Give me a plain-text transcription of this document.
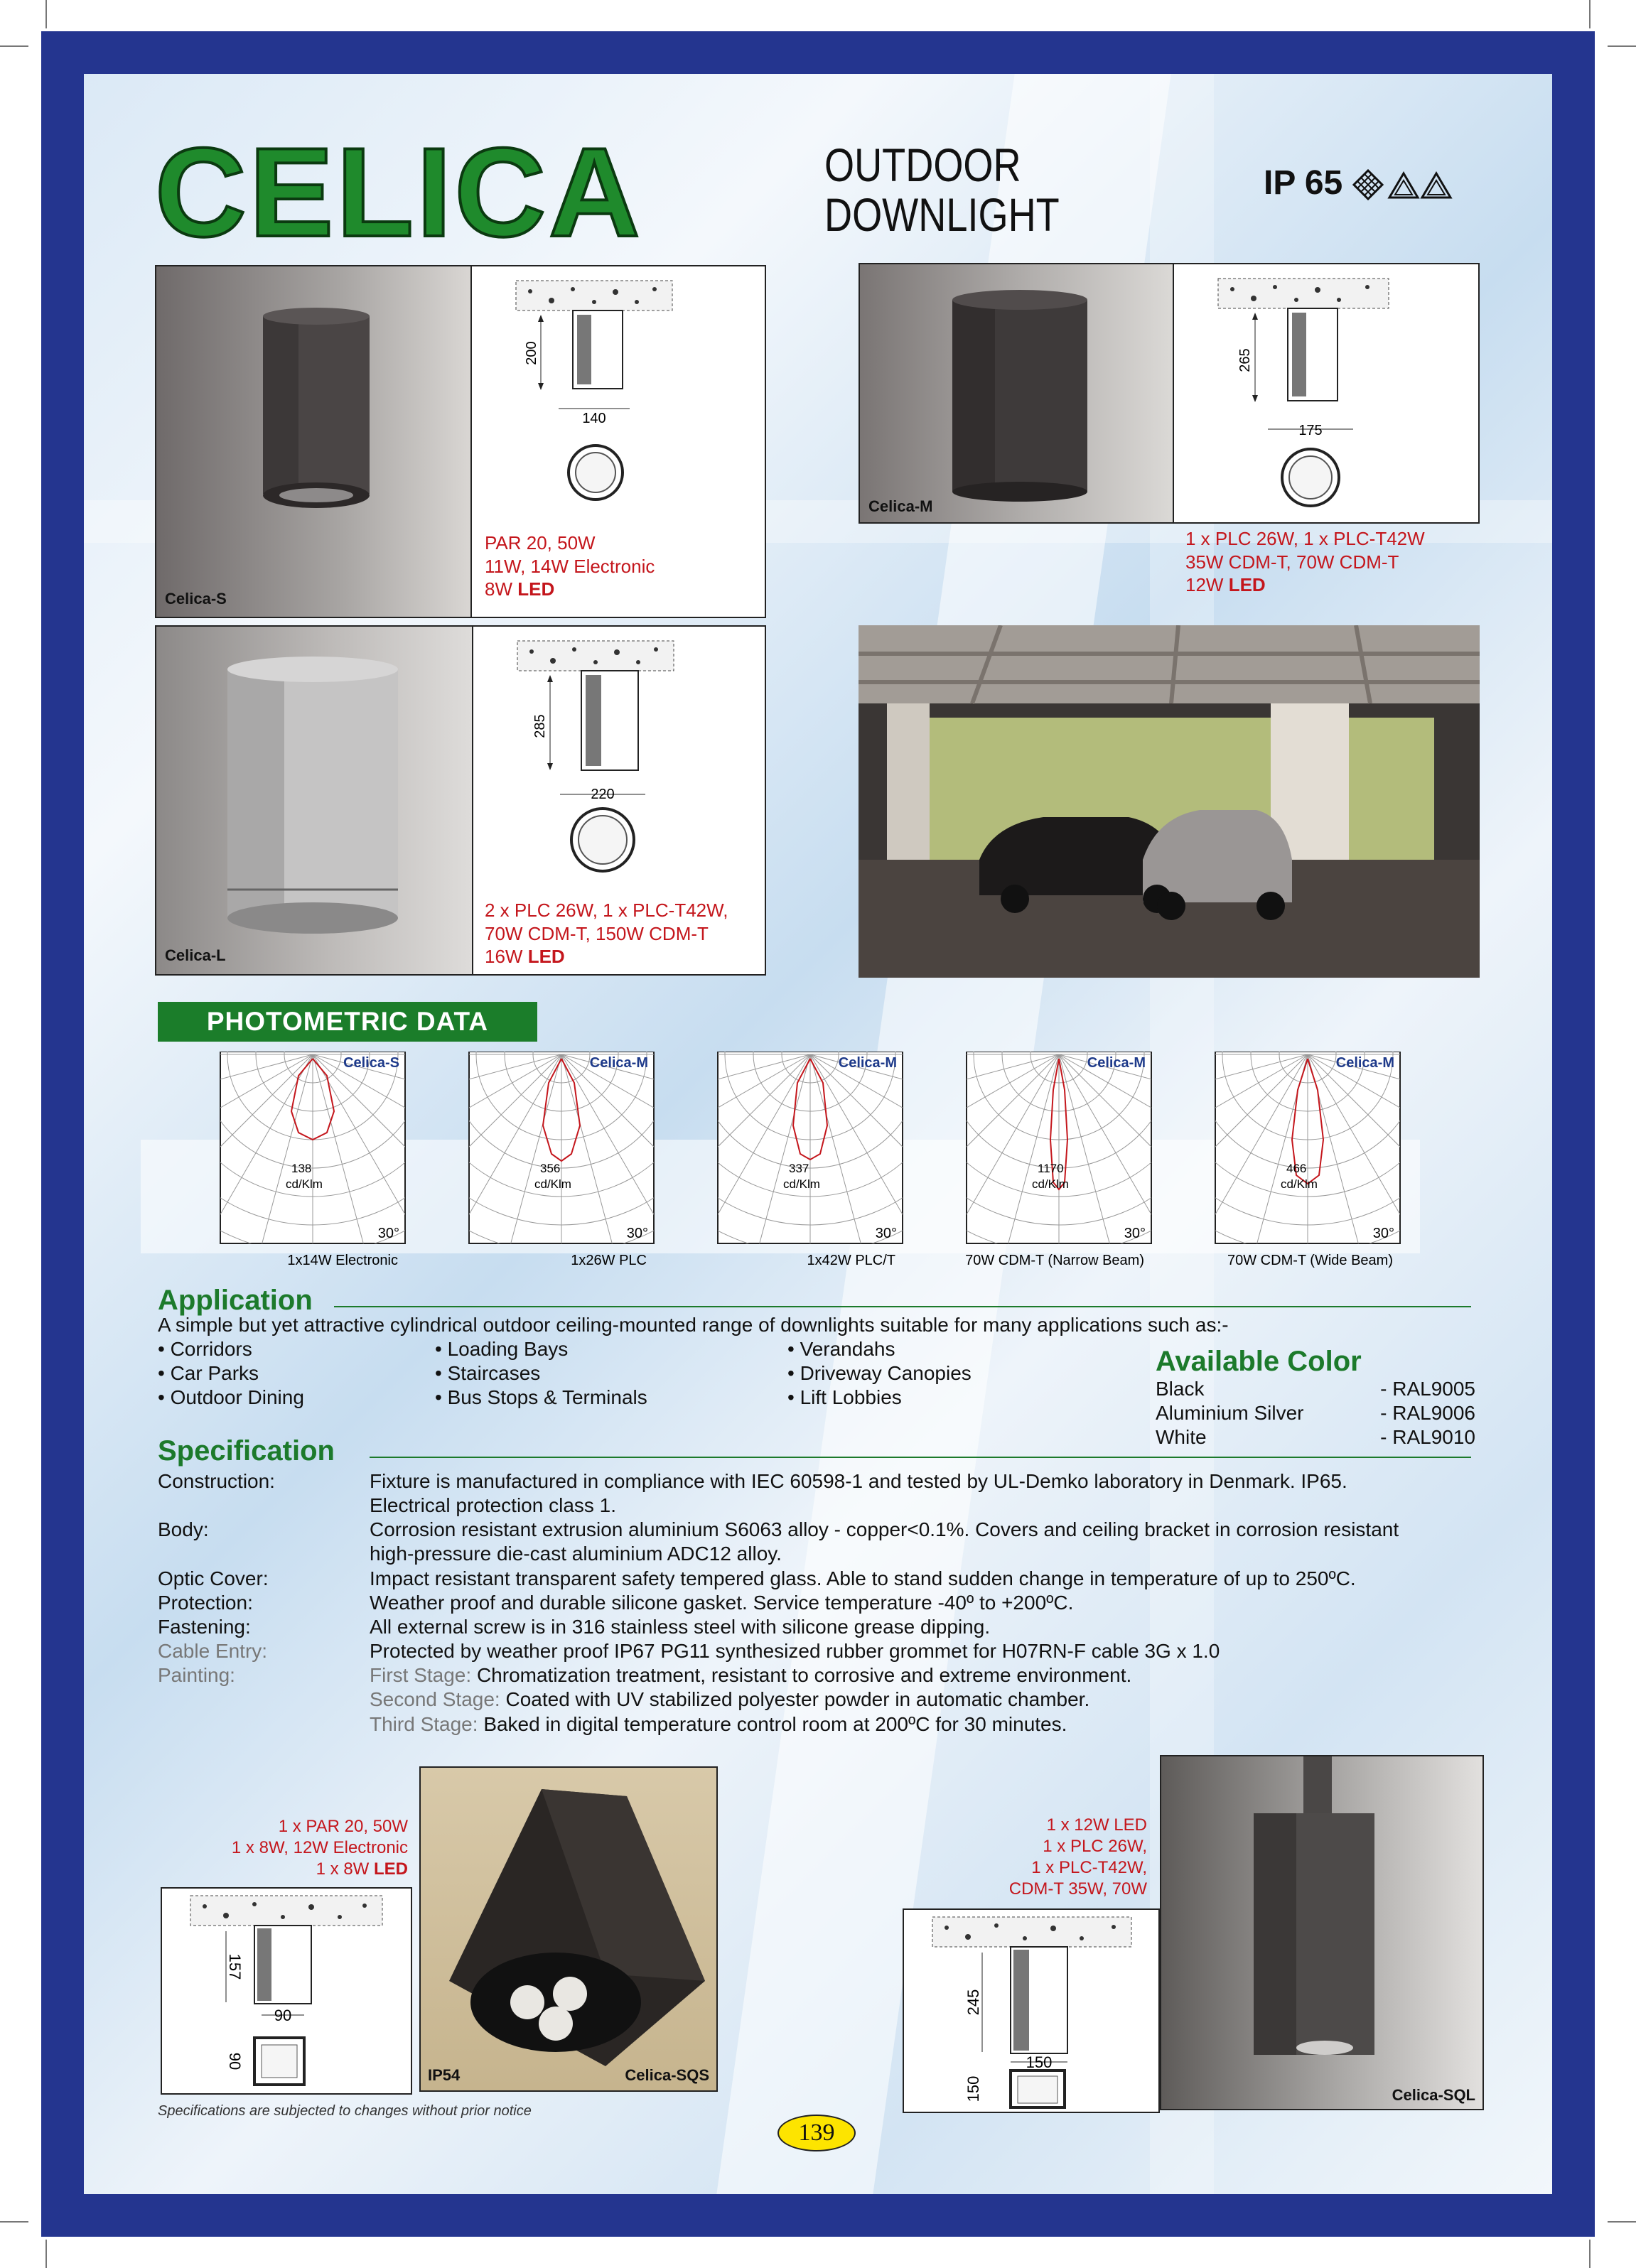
CELICA	OUTDOOR
DOWNLIGHT
IP 65
Celica-S
200
140
PAR 20, 50W
11W, 14W Electronic
8W LED
Celica-M
265
175
1 x PLC 26W, 1 x PLC-T42W
35W CDM-T, 70W CDM-T
12W LED
Celica-L
285
220
2 x PLC 26W, 1 x PLC-T42W,
70W CDM-T, 150W CDM-T
16W LED
PHOTOMETRIC DATA
Celica-S
138
cd/Klm
30°
1x14W Electronic
Celica-M
356
cd/Klm
30°
1x26W PLC
Celica-M
337
cd/Klm
30°
1x42W PLC/T
Celica-M
1170
cd/Klm
30°
70W CDM-T (Narrow Beam)
Celica-M
466
cd/Klm
30°
70W CDM-T (Wide Beam)
Application
A simple but yet attractive cylindrical outdoor ceiling-mounted range of downlights suitable for many applications such as:-
• Corridors
• Car Parks
• Outdoor Dining
• Loading Bays
• Staircases
• Bus Stops & Terminals
• Verandahs
• Driveway Canopies
• Lift Lobbies
Available Color
Black	- RAL9005
Aluminium Silver	- RAL9006
White	- RAL9010
Specification
Construction:	Fixture is manufactured in compliance with IEC 60598-1 and tested by UL-Demko laboratory in Denmark. IP65.
Electrical protection class 1.
Body:	Corrosion resistant extrusion aluminium S6063 alloy - copper<0.1%. Covers and ceiling bracket in corrosion resistant
high-pressure die-cast aluminium ADC12 alloy.
Optic Cover:	Impact resistant transparent safety tempered glass. Able to stand sudden change in temperature of up to 250ºC.
Protection:	Weather proof and durable silicone gasket. Service temperature -40º to +200ºC.
Fastening:	All external screw is in 316 stainless steel with silicone grease dipping.
Cable Entry:	Protected by weather proof IP67 PG11 synthesized rubber grommet for H07RN-F cable 3G x 1.0
Painting:	First Stage: Chromatization treatment, resistant to corrosive and extreme environment.
Second Stage: Coated with UV stabilized polyester powder in automatic chamber.
Third Stage: Baked in digital temperature control room at 200ºC for 30 minutes.
1 x PAR 20, 50W
1 x 8W, 12W Electronic
1 x 8W LED
157
90
90
IP54	Celica-SQS
1 x 12W LED
1 x PLC 26W,
1 x PLC-T42W,
CDM-T 35W, 70W
245
150
150	Celica-SQL
Specifications are subjected to changes without prior notice
139
